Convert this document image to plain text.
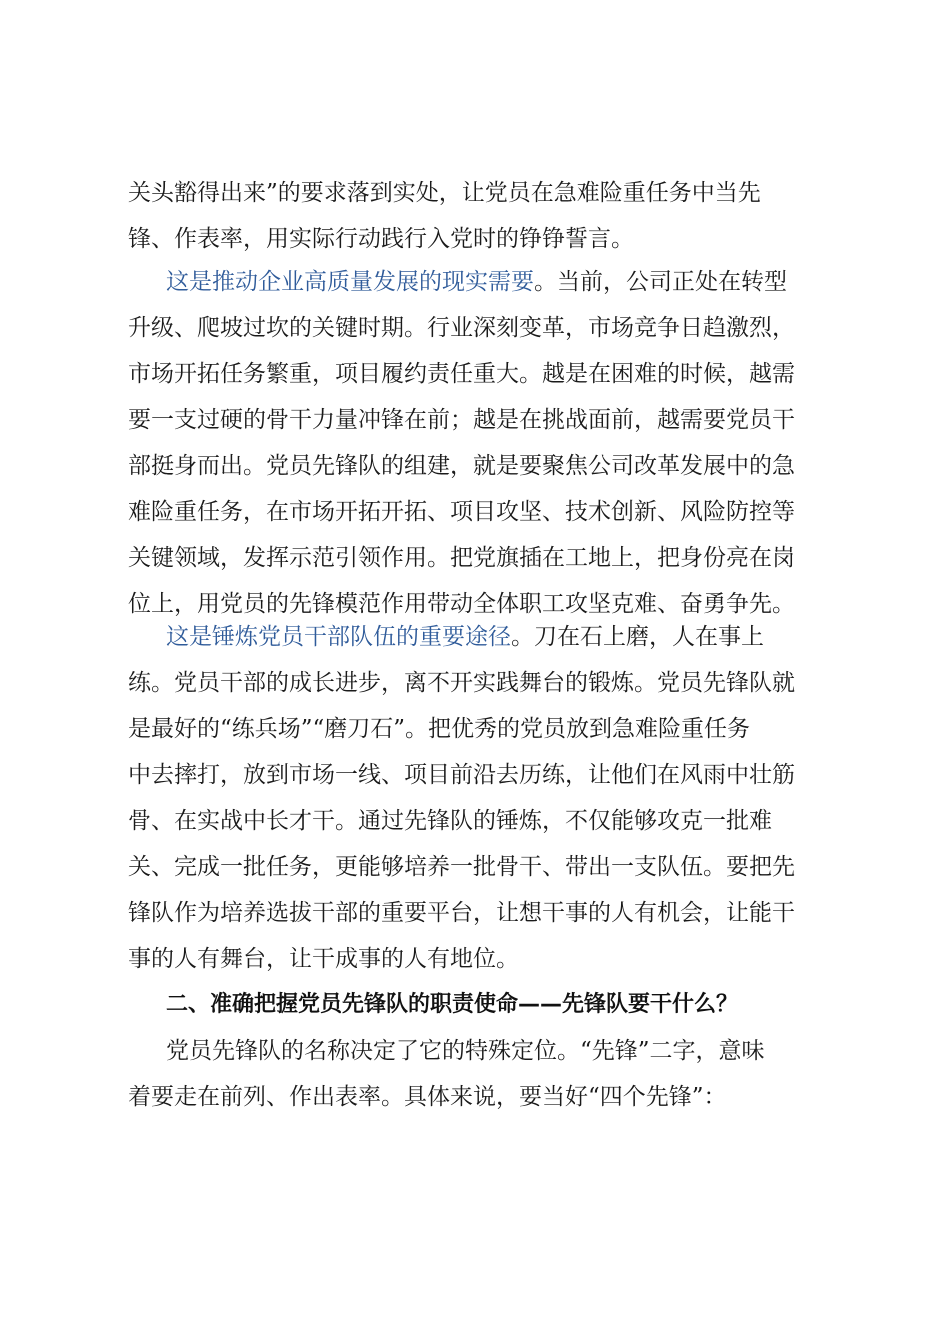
关头豁得出来”的要求落到实处，让党员在急难险重任务中当先
锋、作表率，用实际行动践行入党时的铮铮誓言。
这是推动企业高质量发展的现实需要。当前，公司正处在转型
升级、爬坡过坎的关键时期。行业深刻变革，市场竞争日趋激烈，
市场开拓任务繁重，项目履约责任重大。越是在困难的时候，越需
要一支过硬的骨干力量冲锋在前；越是在挑战面前，越需要党员干
部挺身而出。党员先锋队的组建，就是要聚焦公司改革发展中的急
难险重任务，在市场开拓开拓、项目攻坚、技术创新、风险防控等
关键领域，发挥示范引领作用。把党旗插在工地上，把身份亮在岗
位上，用党员的先锋模范作用带动全体职工攻坚克难、奋勇争先。
这是锤炼党员干部队伍的重要途径。刀在石上磨，人在事上
练。党员干部的成长进步，离不开实践舞台的锻炼。党员先锋队就
是最好的“练兵场”“磨刀石”。把优秀的党员放到急难险重任务
中去摔打，放到市场一线、项目前沿去历练，让他们在风雨中壮筋
骨、在实战中长才干。通过先锋队的锤炼，不仅能够攻克一批难
关、完成一批任务，更能够培养一批骨干、带出一支队伍。要把先
锋队作为培养选拔干部的重要平台，让想干事的人有机会，让能干
事的人有舞台，让干成事的人有地位。
二、准确把握党员先锋队的职责使命——先锋队要干什么？
党员先锋队的名称决定了它的特殊定位。“先锋”二字，意味
着要走在前列、作出表率。具体来说，要当好“四个先锋”：
